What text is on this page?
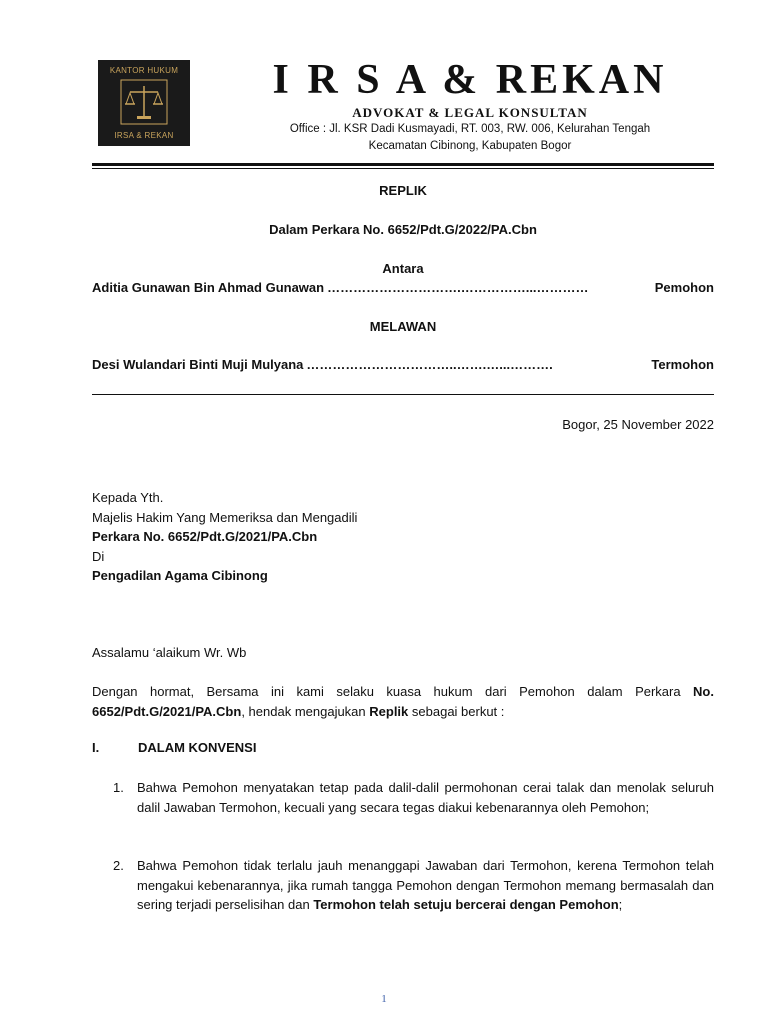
KANTOR HUKUM
IRSA & REKAN
I R S A & REKAN
ADVOKAT & LEGAL KONSULTAN
Office : Jl. KSR Dadi Kusmayadi, RT. 003, RW. 006, Kelurahan Tengah
Kecamatan Cibinong, Kabupaten Bogor
REPLIK
Dalam Perkara No. 6652/Pdt.G/2022/PA.Cbn
Antara
Aditia Gunawan Bin Ahmad Gunawan ………………………….……………...…………	Pemohon
MELAWAN
Desi Wulandari Binti Muji Mulyana ……………………………..…….…...……….	Termohon
Bogor, 25 November 2022
Kepada Yth.
Majelis Hakim Yang Memeriksa dan Mengadili
Perkara No. 6652/Pdt.G/2021/PA.Cbn
Di
Pengadilan Agama Cibinong
Assalamu ‘alaikum Wr. Wb
Dengan hormat, Bersama ini kami selaku kuasa hukum dari Pemohon dalam Perkara No. 6652/Pdt.G/2021/PA.Cbn, hendak mengajukan Replik sebagai berkut :
I.	DALAM KONVENSI
1. Bahwa Pemohon menyatakan tetap pada dalil-dalil permohonan cerai talak dan menolak seluruh dalil Jawaban Termohon, kecuali yang secara tegas diakui kebenarannya oleh Pemohon;
2. Bahwa Pemohon tidak terlalu jauh menanggapi Jawaban dari Termohon, kerena Termohon telah mengakui kebenarannya, jika rumah tangga Pemohon dengan Termohon memang bermasalah dan sering terjadi perselisihan dan Termohon telah setuju bercerai dengan Pemohon;
1
